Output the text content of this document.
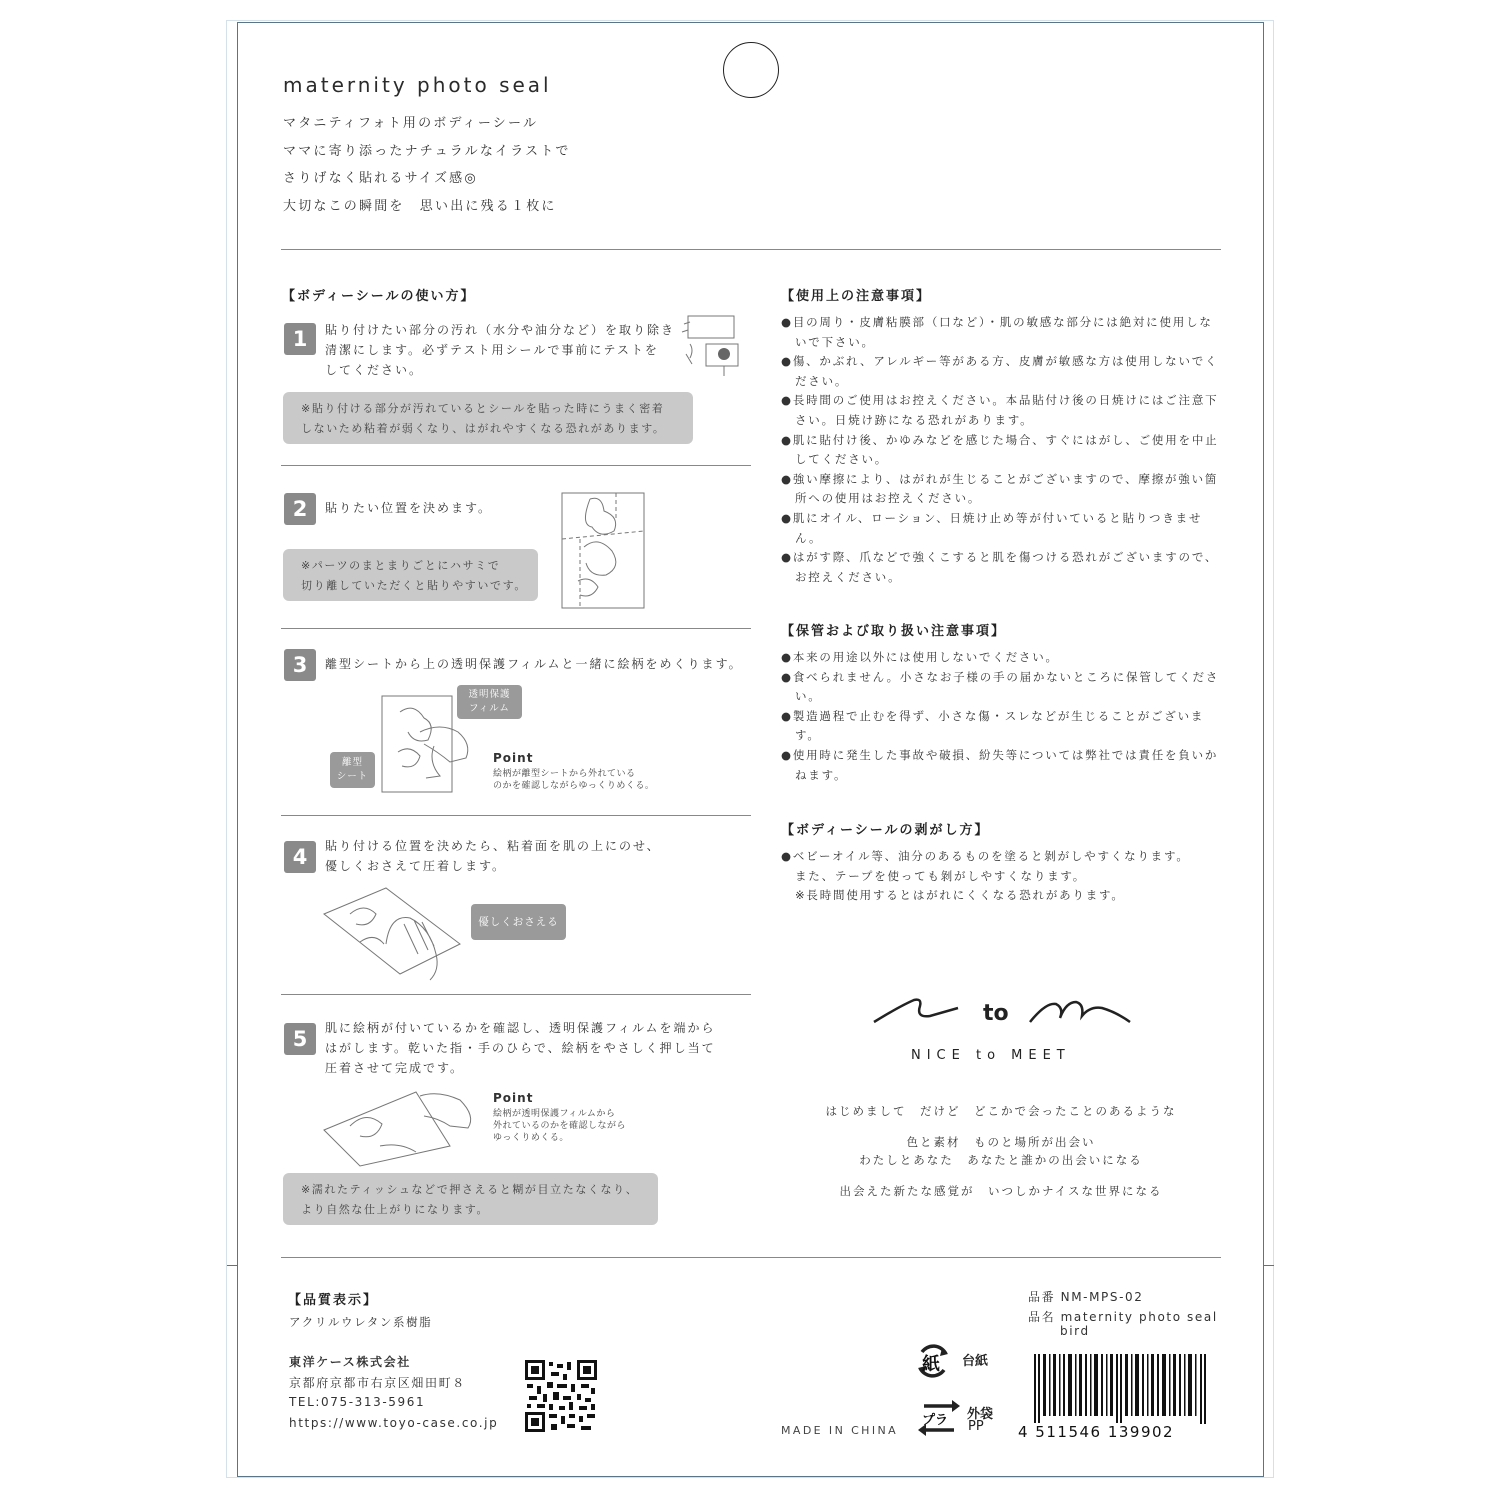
maternity photo seal
マタニティフォト用のボディーシール
ママに寄り添ったナチュラルなイラストで
さりげなく貼れるサイズ感◎
大切なこの瞬間を　思い出に残る１枚に
【ボディーシールの使い方】
1	貼り付けたい部分の汚れ（水分や油分など）を取り除き
清潔にします。必ずテスト用シールで事前にテストを
してください。
※貼り付ける部分が汚れているとシールを貼った時にうまく密着
しないため粘着が弱くなり、はがれやすくなる恐れがあります。
2	貼りたい位置を決めます。
※パーツのまとまりごとにハサミで
切り離していただくと貼りやすいです。
3	離型シートから上の透明保護フィルムと一緒に絵柄をめくります。
透明保護
フィルム
離型
シート
Point
絵柄が離型シートから外れている
のかを確認しながらゆっくりめくる。
4	貼り付ける位置を決めたら、粘着面を肌の上にのせ、
優しくおさえて圧着します。
優しくおさえる
5	肌に絵柄が付いているかを確認し、透明保護フィルムを端から
はがします。乾いた指・手のひらで、絵柄をやさしく押し当て
圧着させて完成です。
Point
絵柄が透明保護フィルムから
外れているのかを確認しながら
ゆっくりめくる。
※濡れたティッシュなどで押さえると糊が目立たなくなり、
より自然な仕上がりになります。
【使用上の注意事項】
●目の周り・皮膚粘膜部（口など）・肌の敏感な部分には絶対に使用しないで下さい。
●傷、かぶれ、アレルギー等がある方、皮膚が敏感な方は使用しないでください。
●長時間のご使用はお控えください。本品貼付け後の日焼けにはご注意下さい。日焼け跡になる恐れがあります。
●肌に貼付け後、かゆみなどを感じた場合、すぐにはがし、ご使用を中止してください。
●強い摩擦により、はがれが生じることがございますので、摩擦が強い箇所への使用はお控えください。
●肌にオイル、ローション、日焼け止め等が付いていると貼りつきません。
●はがす際、爪などで強くこすると肌を傷つける恐れがございますので、お控えください。
【保管および取り扱い注意事項】
●本来の用途以外には使用しないでください。
●食べられません。小さなお子様の手の届かないところに保管してください。
●製造過程で止むを得ず、小さな傷・スレなどが生じることがございます。
●使用時に発生した事故や破損、紛失等については弊社では責任を負いかねます。
【ボディーシールの剥がし方】
●ベビーオイル等、油分のあるものを塗ると剝がしやすくなります。
また、テープを使っても剝がしやすくなります。
※長時間使用するとはがれにくくなる恐れがあります。
to
NICE to MEET
はじめまして　だけど　どこかで会ったことのあるような
色と素材　ものと場所が出会い
わたしとあなた　あなたと誰かの出会いになる
出会えた新たな感覚が　いつしかナイスな世界になる
【品質表示】
アクリルウレタン系樹脂
東洋ケース株式会社
京都府京都市右京区畑田町８
TEL:075-313-5961
https://www.toyo-case.co.jp
MADE IN CHINA
紙 台紙
プラ 外袋
PP
品番 NM-MPS-02
品名 maternity photo seal
bird
4 511546 139902
